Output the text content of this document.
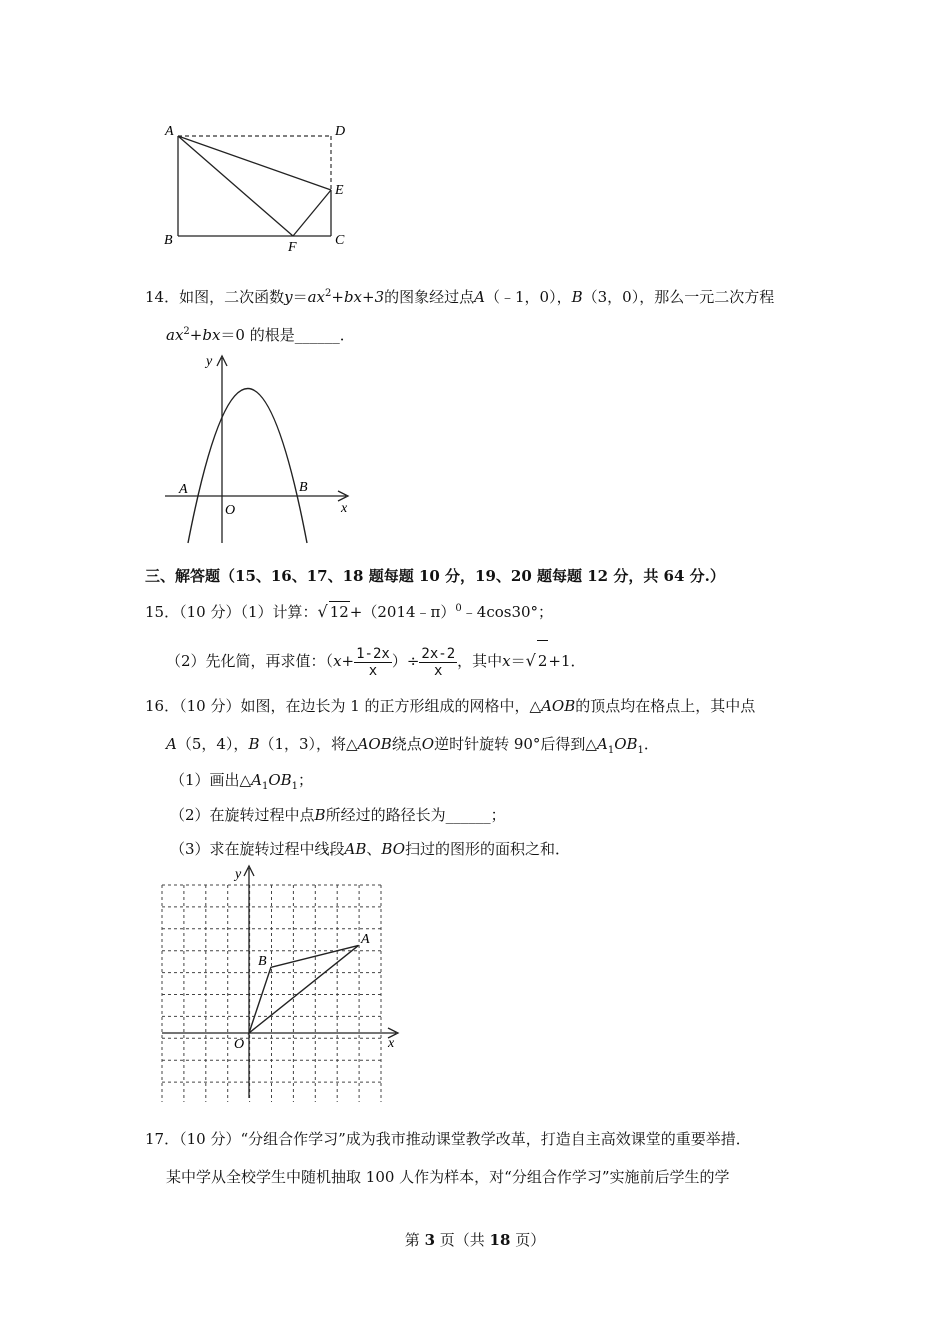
A	D
E
B	F	C
14．如图，二次函数$y=ax^2+bx+3$的图象经过点A（﹣1，0），B（3，0），那么一元二次方程
$ax^2+bx=0$ 的根是______．
y
A
O
B
x
三、解答题（15、16、17、18 题每题 10 分，19、20 题每题 12 分，共 64 分.）
15．（10 分）（1）计算：√ 12+（2014﹣π）$^0$﹣4cos30°；
（2）先化简，再求值：（$x+ \frac{1-2x}{x}$ ）÷ $\frac{2x-2}{x}$ ，其中x＝√ 2+1．
16．（10 分）如图，在边长为 1 的正方形组成的网格中，△AOB的顶点均在格点上，其中点
A（5，4），B（1，3），将△AOB绕点O逆时针旋转 90°后得到$\triangle A_1OB_1$．
（1）画出$\triangle A_1OB_1$；
（2）在旋转过程中点B所经过的路径长为______；
（3）求在旋转过程中线段AB、BO扫过的图形的面积之和．
y
A
B
O	x
17．（10 分）“分组合作学习”成为我市推动课堂教学改革，打造自主高效课堂的重要举措．
某中学从全校学生中随机抽取 100 人作为样本，对“分组合作学习”实施前后学生的学
第 3 页（共 18 页）
